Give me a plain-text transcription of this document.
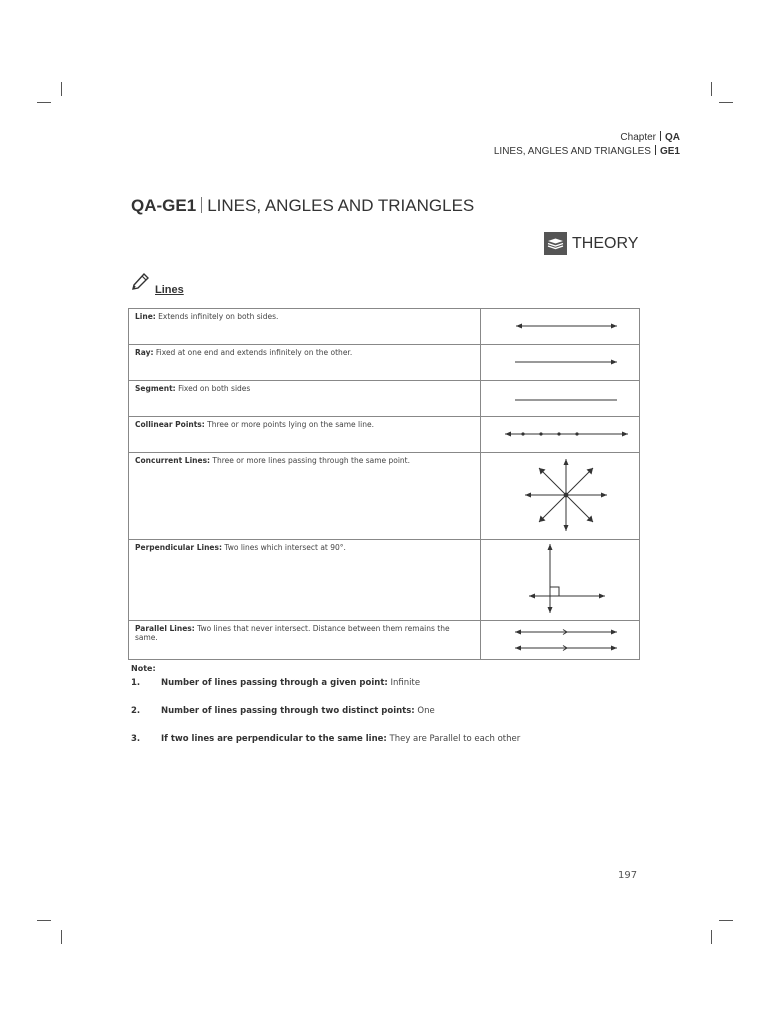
Chapter QA
LINES, ANGLES AND TRIANGLES GE1
QA-GE1 LINES, ANGLES AND TRIANGLES
THEORY
Lines
Line: Extends infinitely on both sides.	
Ray: Fixed at one end and extends infinitely on the other.	
Segment: Fixed on both sides	
Collinear Points: Three or more points lying on the same line.	
Concurrent Lines: Three or more lines passing through the same point.	
Perpendicular Lines: Two lines which intersect at 90°.	
Parallel Lines: Two lines that never intersect. Distance between them remains the same.	
Note:
1. Number of lines passing through a given point: Infinite
2. Number of lines passing through two distinct points: One
3. If two lines are perpendicular to the same line: They are Parallel to each other
197
